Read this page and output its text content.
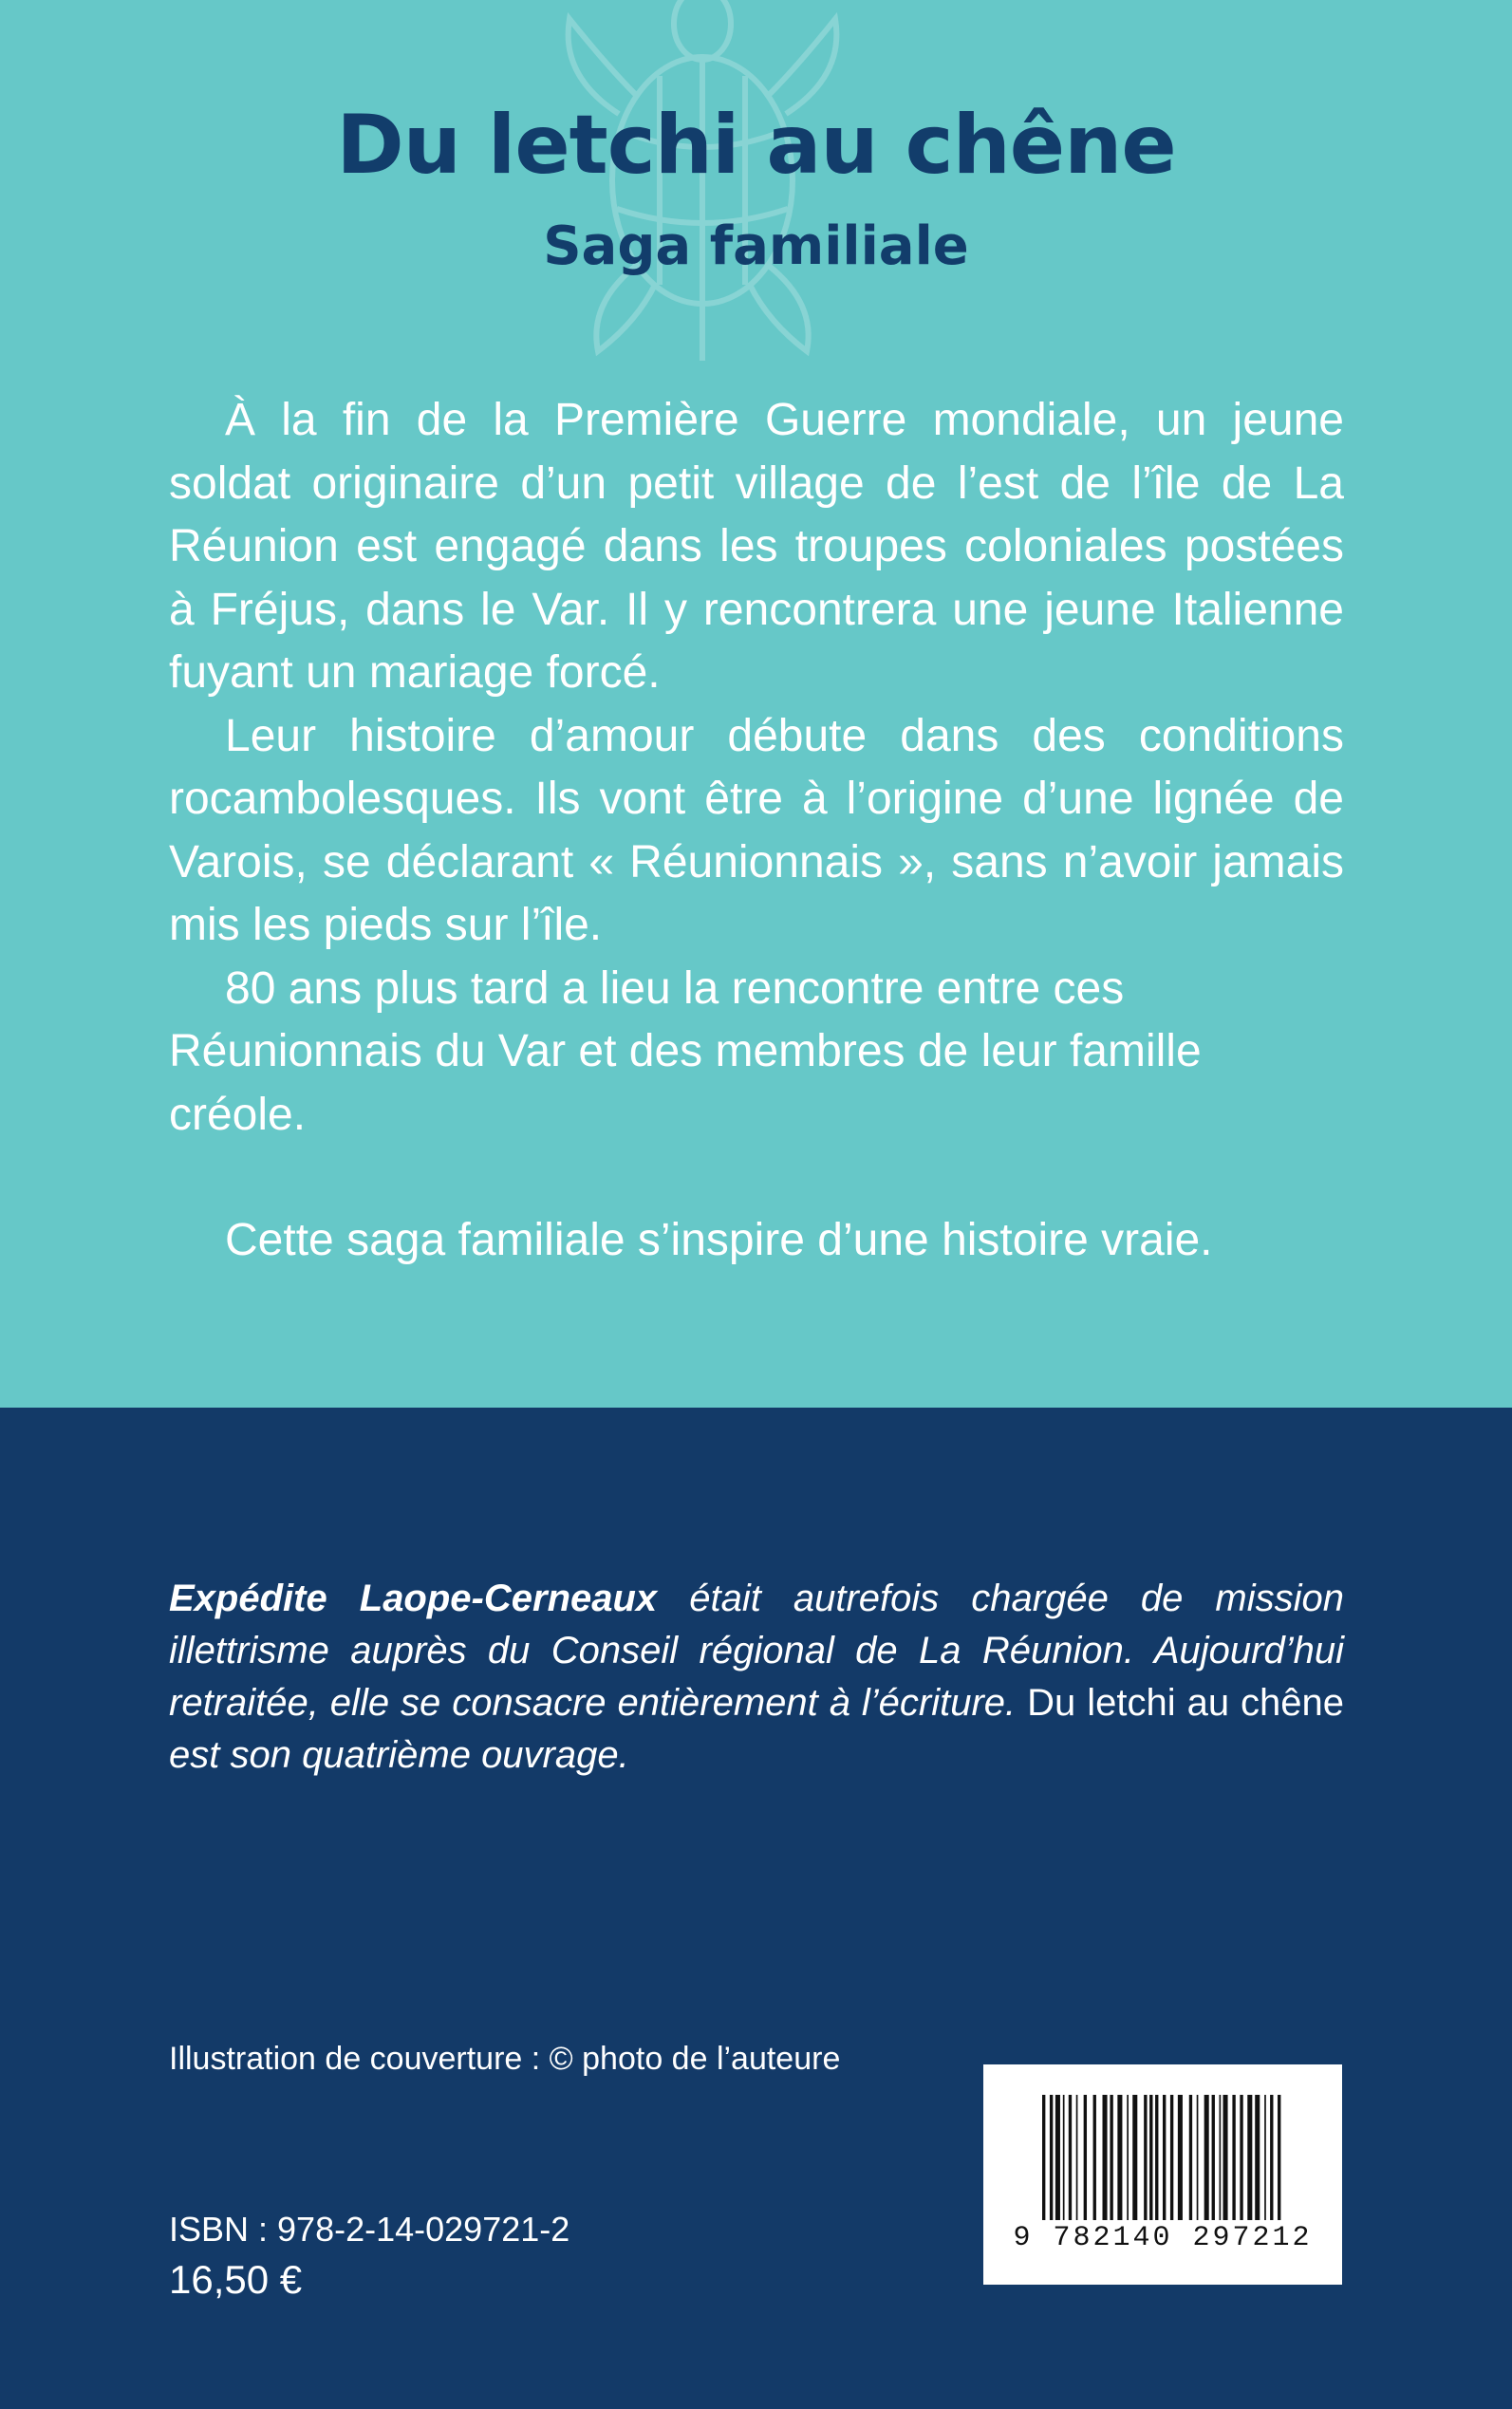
Du letchi au chêne
Saga familiale

À la fin de la Première Guerre mondiale, un jeune soldat originaire d’un petit village de l’est de l’île de La Réunion est engagé dans les troupes coloniales postées à Fréjus, dans le Var. Il y rencontrera une jeune Italienne fuyant un mariage forcé.

Leur histoire d’amour débute dans des conditions rocambolesques. Ils vont être à l’origine d’une lignée de Varois, se déclarant « Réunionnais », sans n’avoir jamais mis les pieds sur l’île.

80 ans plus tard a lieu la rencontre entre ces Réunionnais du Var et des membres de leur famille créole.

Cette saga familiale s’inspire d’une histoire vraie.

Expédite Laope-Cerneaux était autrefois chargée de mission illettrisme auprès du Conseil régional de La Réunion. Aujourd’hui retraitée, elle se consacre entièrement à l’écriture. Du letchi au chêne est son quatrième ouvrage.
Illustration de couverture : © photo de l’auteure
ISBN : 978-2-14-029721-2
16,50 €
9 782140 297212
